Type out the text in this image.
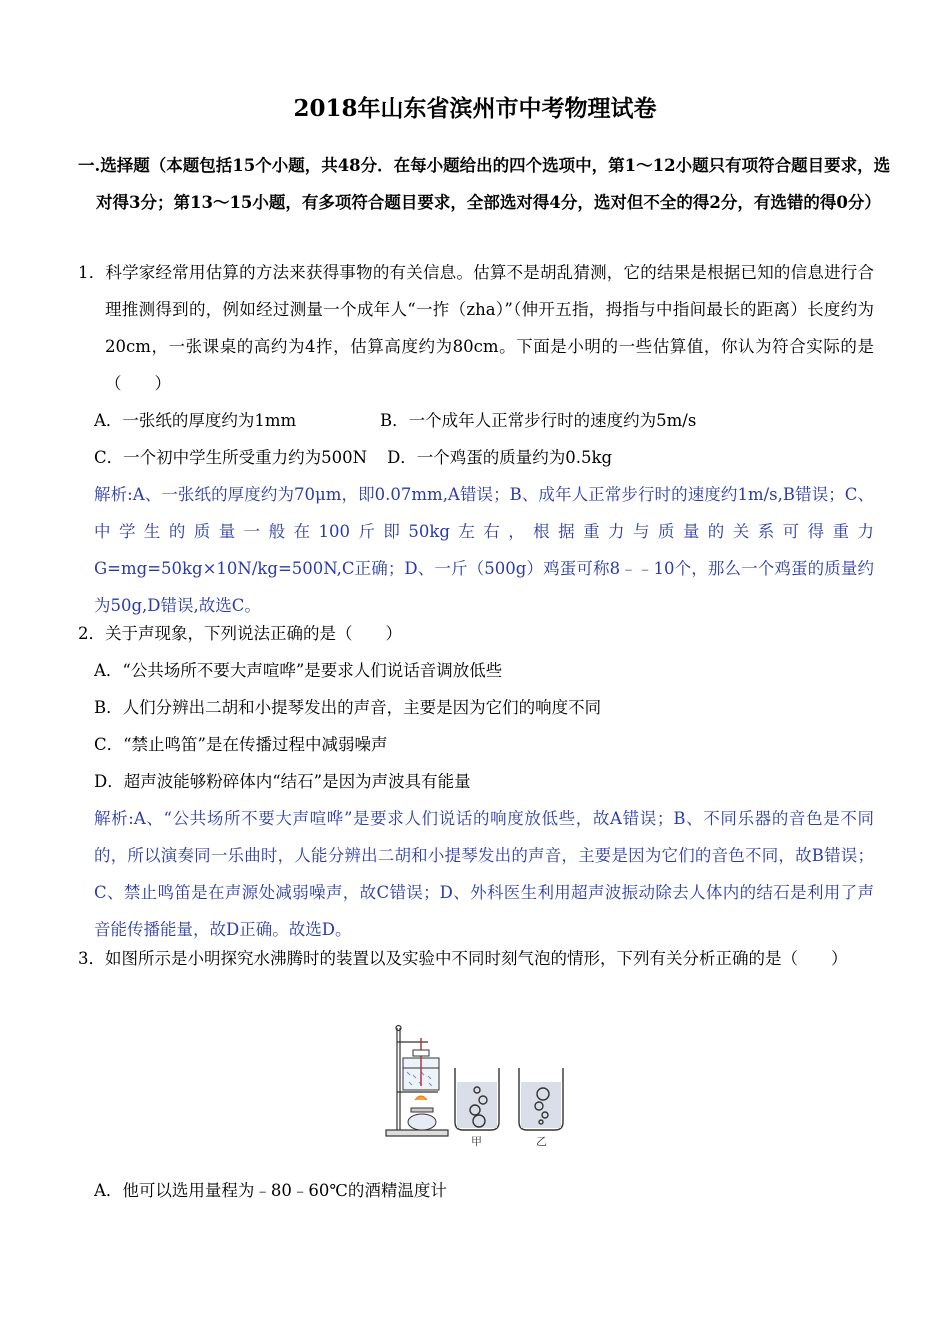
2018年山东省滨州市中考物理试卷
一.选择题（本题包括15个小题，共48分．在每小题给出的四个选项中，第1～12小题只有项符合题目要求，选对得3分；第13～15小题，有多项符合题目要求，全部选对得4分，选对但不全的得2分，有选错的得0分）
1．科学家经常用估算的方法来获得事物的有关信息。估算不是胡乱猜测，它的结果是根据已知的信息进行合理推测得到的，例如经过测量一个成年人“一拃（zha）”（伸开五指，拇指与中指间最长的距离）长度约为20cm，一张课桌的高约为4拃，估算高度约为80cm。下面是小明的一些估算值，你认为符合实际的是（　　）
A．一张纸的厚度约为1mm	B．一个成年人正常步行时的速度约为5m/s
C．一个初中学生所受重力约为500N D．一个鸡蛋的质量约为0.5kg
解析:A、一张纸的厚度约为70μm，即0.07mm,A错误；B、成年人正常步行时的速度约1m/s,B错误；C、中学生的质量一般在100斤即50kg左右，根据重力与质量的关系可得重力G=mg=50kg×10N/kg=500N,C正确；D、一斤（500g）鸡蛋可称8﹣﹣10个，那么一个鸡蛋的质量约为50g,D错误,故选C。
2．关于声现象，下列说法正确的是（　　）
A．“公共场所不要大声喧哗”是要求人们说话音调放低些
B．人们分辨出二胡和小提琴发出的声音，主要是因为它们的响度不同
C．“禁止鸣笛”是在传播过程中减弱噪声
D．超声波能够粉碎体内“结石”是因为声波具有能量
解析:A、“公共场所不要大声喧哗”是要求人们说话的响度放低些，故A错误；B、不同乐器的音色是不同的，所以演奏同一乐曲时，人能分辨出二胡和小提琴发出的声音，主要是因为它们的音色不同，故B错误；C、禁止鸣笛是在声源处减弱噪声，故C错误；D、外科医生利用超声波振动除去人体内的结石是利用了声音能传播能量，故D正确。故选D。
3．如图所示是小明探究水沸腾时的装置以及实验中不同时刻气泡的情形，下列有关分析正确的是（　　）
甲	乙
A．他可以选用量程为﹣80﹣60℃的酒精温度计
